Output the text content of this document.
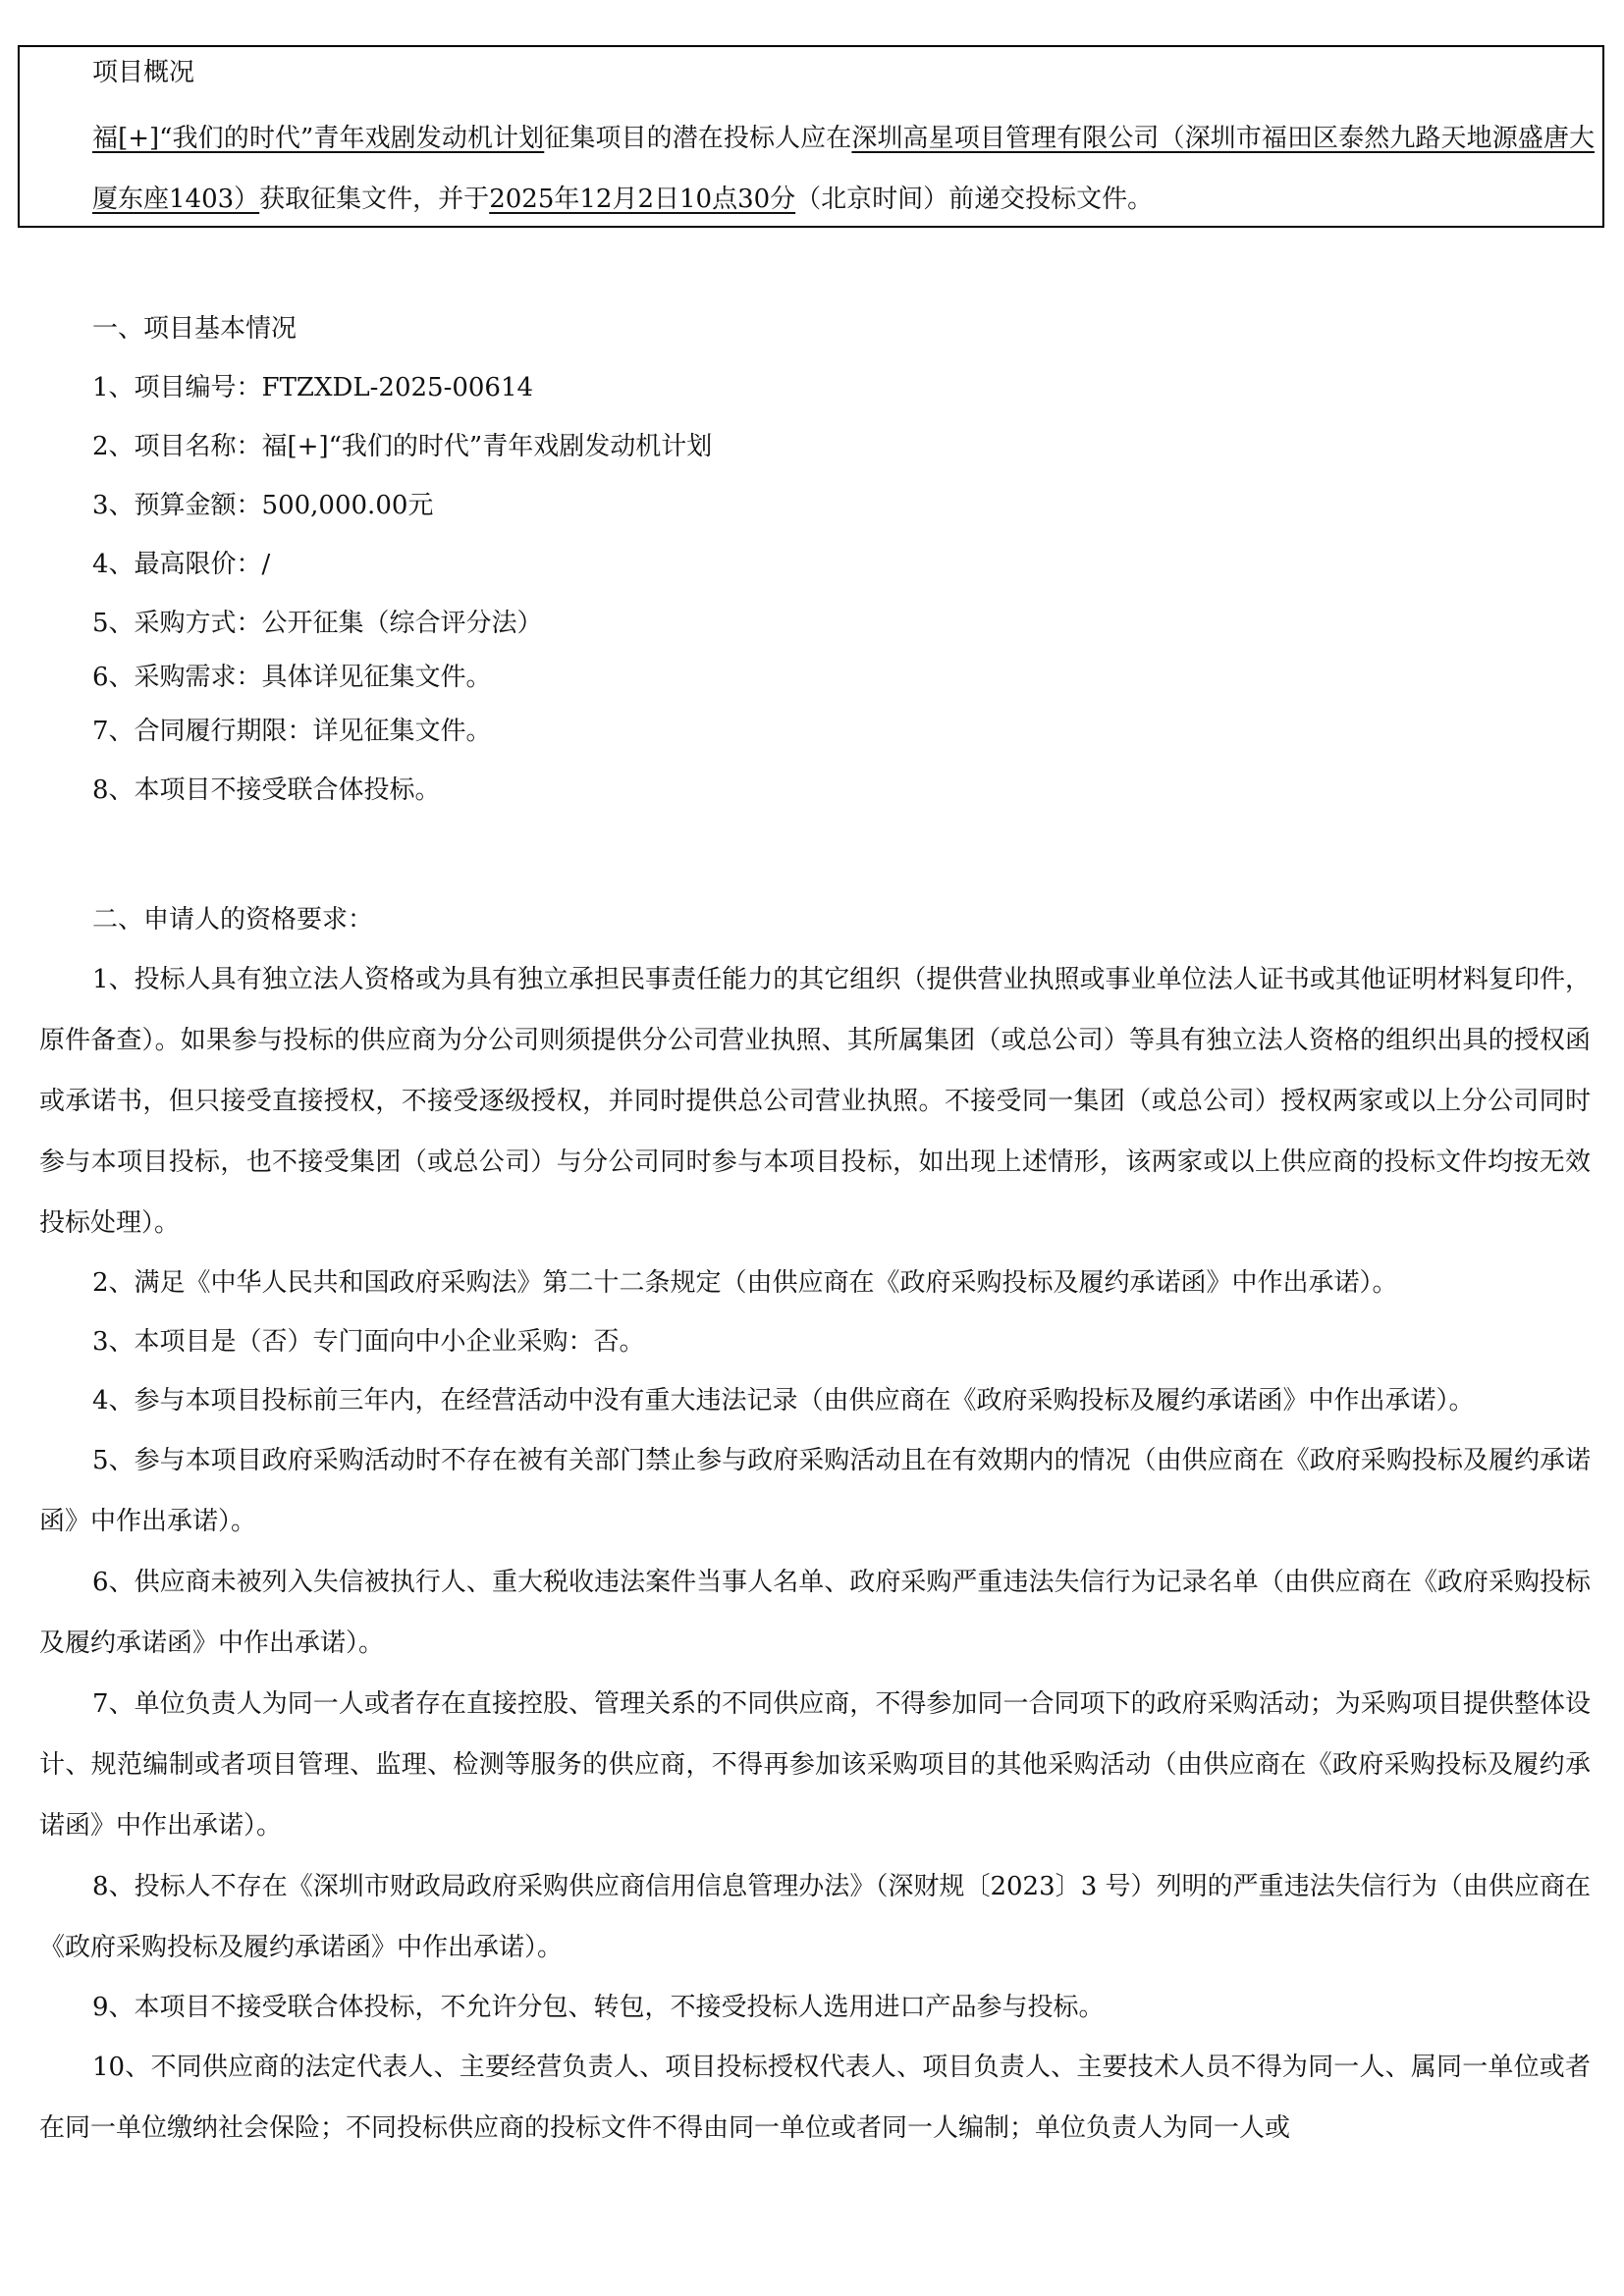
项目概况

福[+]“我们的时代”青年戏剧发动机计划征集项目的潜在投标人应在深圳高星项目管理有限公司（深圳市福田区泰然九路天地源盛唐大厦东座1403）获取征集文件，并于2025年12月2日10点30分（北京时间）前递交投标文件。

一、项目基本情况

1、项目编号：FTZXDL-2025-00614

2、项目名称：福[+]“我们的时代”青年戏剧发动机计划

3、预算金额：500,000.00元

4、最高限价：/

5、采购方式：公开征集（综合评分法）

6、采购需求：具体详见征集文件。

7、合同履行期限：详见征集文件。

8、本项目不接受联合体投标。

二、申请人的资格要求：

1、投标人具有独立法人资格或为具有独立承担民事责任能力的其它组织（提供营业执照或事业单位法人证书或其他证明材料复印件，原件备查）。如果参与投标的供应商为分公司则须提供分公司营业执照、其所属集团（或总公司）等具有独立法人资格的组织出具的授权函或承诺书，但只接受直接授权，不接受逐级授权，并同时提供总公司营业执照。不接受同一集团（或总公司）授权两家或以上分公司同时参与本项目投标，也不接受集团（或总公司）与分公司同时参与本项目投标，如出现上述情形，该两家或以上供应商的投标文件均按无效投标处理）。

2、满足《中华人民共和国政府采购法》第二十二条规定（由供应商在《政府采购投标及履约承诺函》中作出承诺）。

3、本项目是（否）专门面向中小企业采购：否。

4、参与本项目投标前三年内，在经营活动中没有重大违法记录（由供应商在《政府采购投标及履约承诺函》中作出承诺）。

5、参与本项目政府采购活动时不存在被有关部门禁止参与政府采购活动且在有效期内的情况（由供应商在《政府采购投标及履约承诺函》中作出承诺）。

6、供应商未被列入失信被执行人、重大税收违法案件当事人名单、政府采购严重违法失信行为记录名单（由供应商在《政府采购投标及履约承诺函》中作出承诺）。

7、单位负责人为同一人或者存在直接控股、管理关系的不同供应商，不得参加同一合同项下的政府采购活动；为采购项目提供整体设计、规范编制或者项目管理、监理、检测等服务的供应商，不得再参加该采购项目的其他采购活动（由供应商在《政府采购投标及履约承诺函》中作出承诺）。

8、投标人不存在《深圳市财政局政府采购供应商信用信息管理办法》（深财规〔2023〕3 号）列明的严重违法失信行为（由供应商在《政府采购投标及履约承诺函》中作出承诺）。

9、本项目不接受联合体投标，不允许分包、转包，不接受投标人选用进口产品参与投标。

10、不同供应商的法定代表人、主要经营负责人、项目投标授权代表人、项目负责人、主要技术人员不得为同一人、属同一单位或者在同一单位缴纳社会保险；不同投标供应商的投标文件不得由同一单位或者同一人编制；单位负责人为同一人或
